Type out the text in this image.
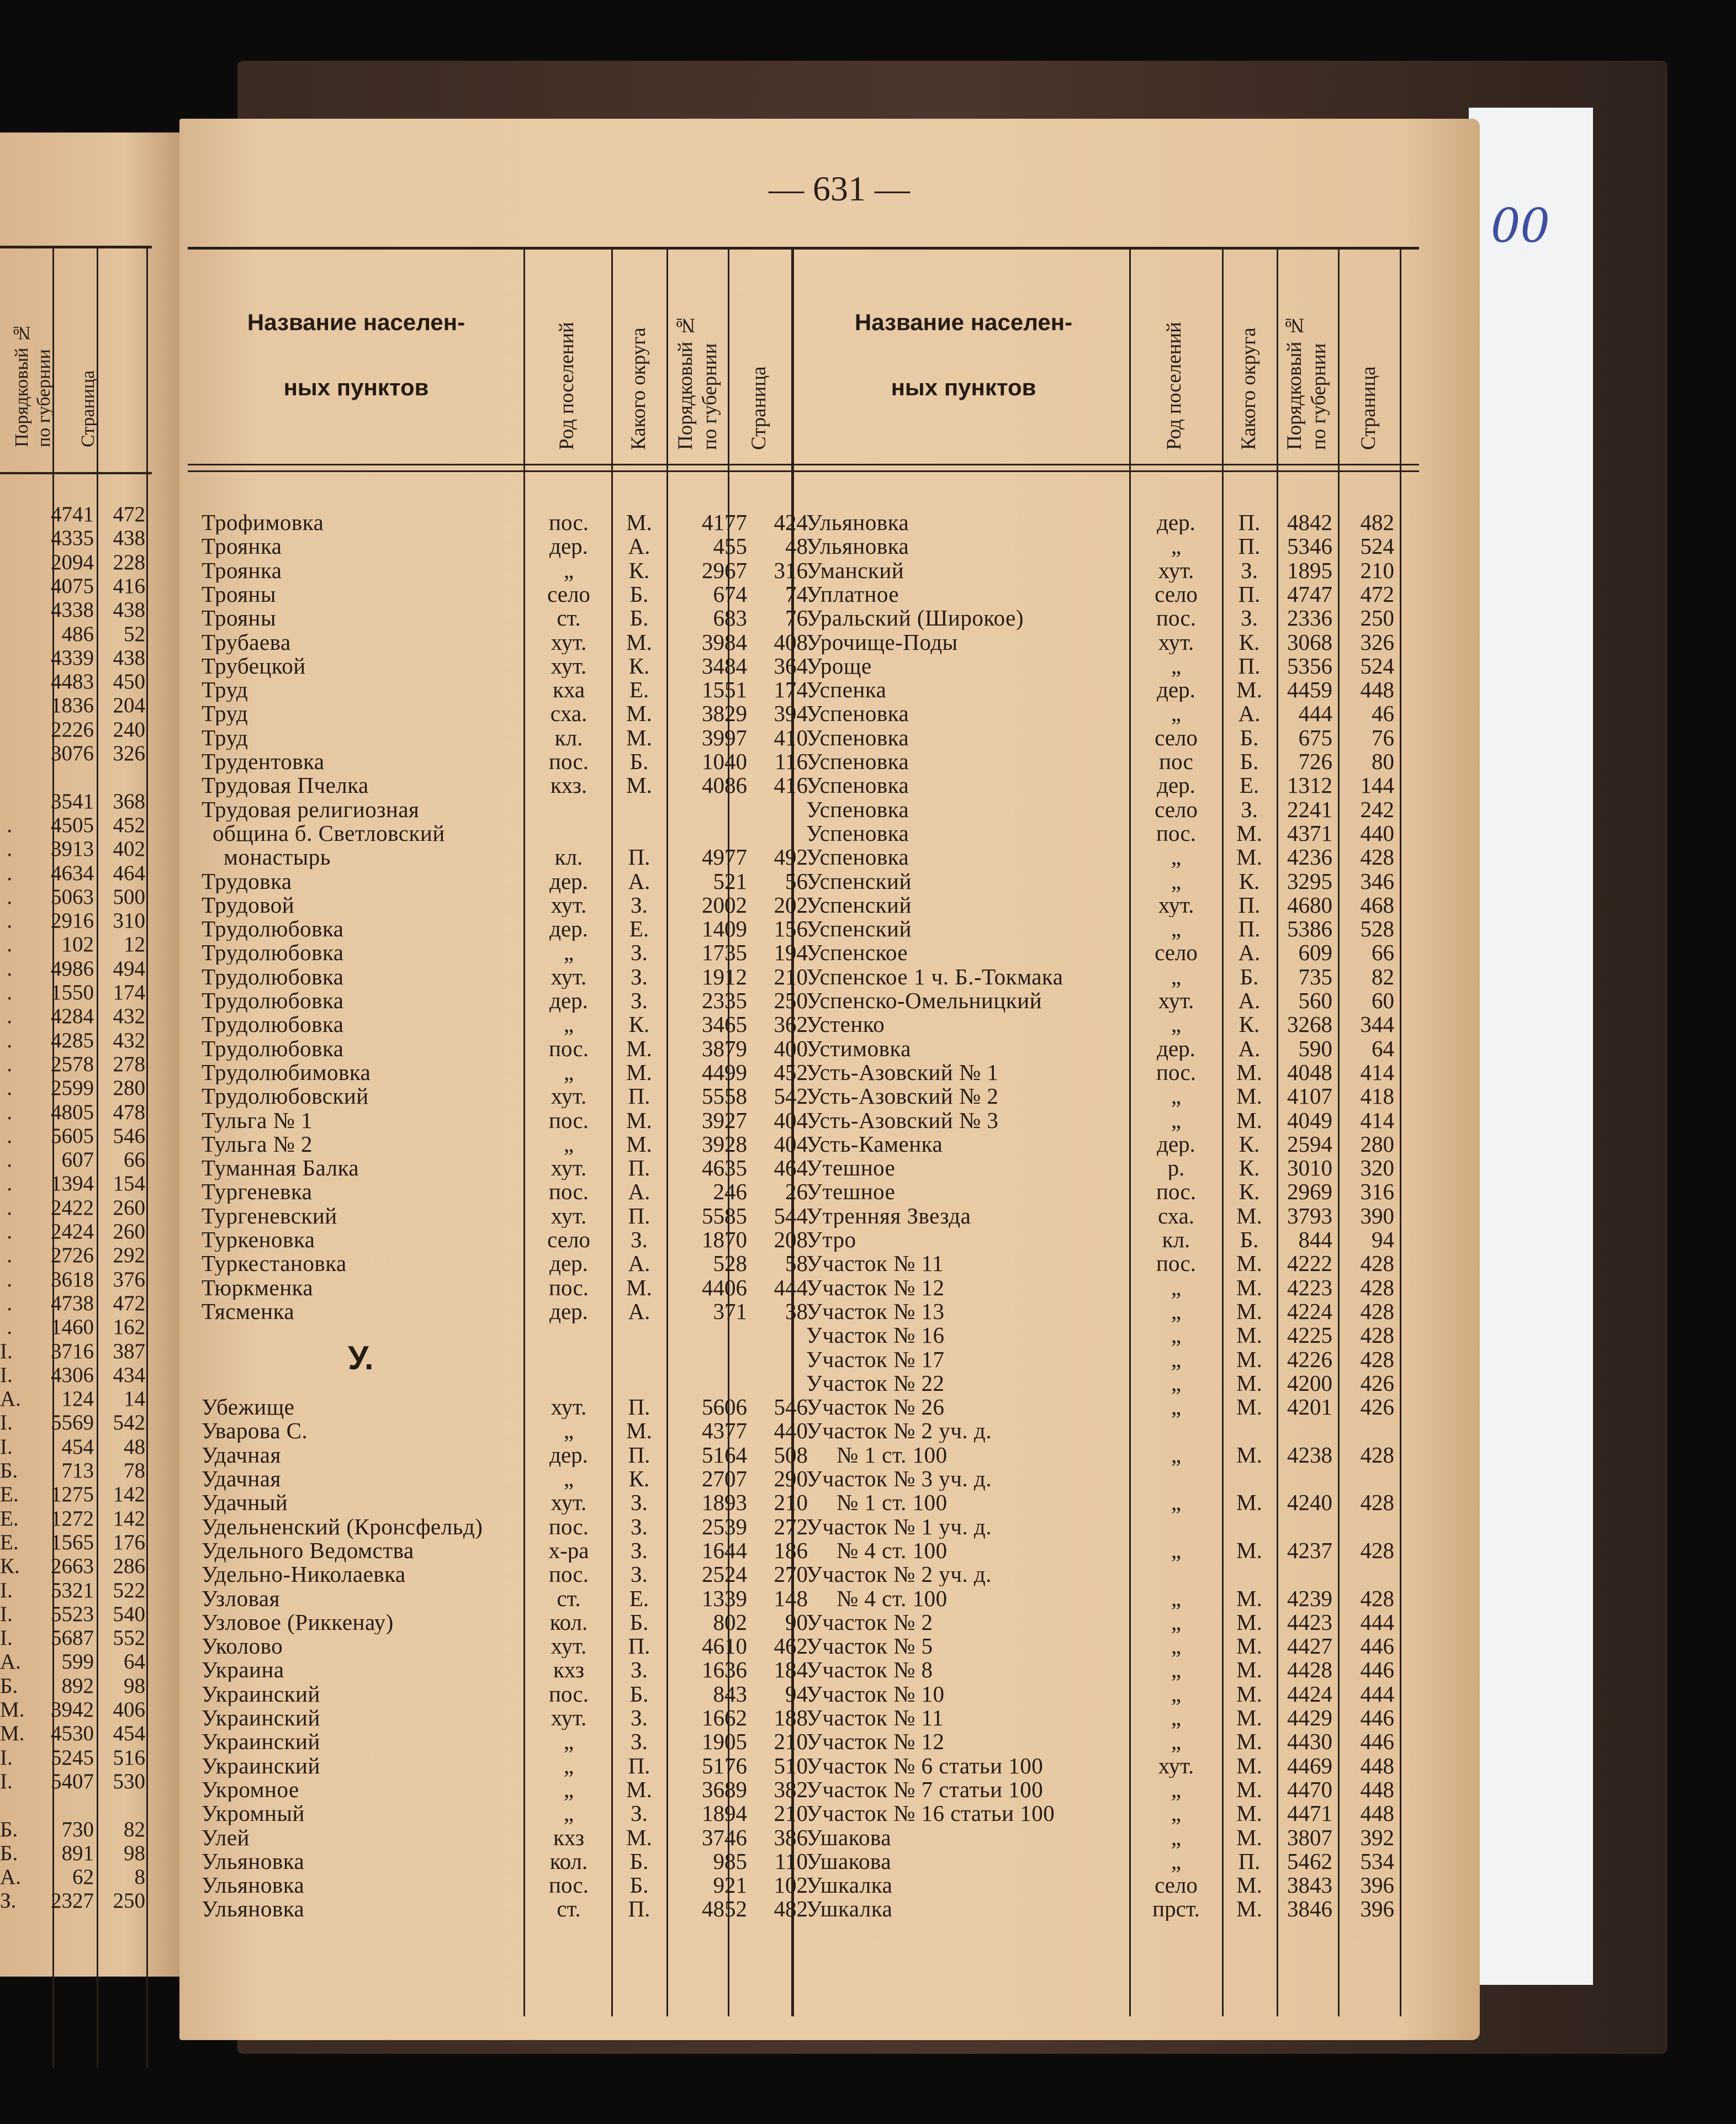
00
Порядковый №
по губернии Страница
4741 472
4335 438
2094 228
4075 416
4338 438
486	52
4339 438
4483 450
1836 204
2226 240
3076 326
3541 368
.	4505 452
.	3913 402
.	4634 464
.	5063 500
.	2916 310
.	102	12
.	4986 494
.	1550 174
.	4284 432
.	4285 432
.	2578 278
.	2599 280
.	4805 478
.	5605 546
.	607	66
.	1394 154
.	2422 260
.	2424 260
.	2726 292
.	3618 376
.	4738 472
.	1460 162
I.	3716 387
I.	4306 434
A.	124	14
I.	5569 542
I.	454	48
Б.	713	78
Е.	1275 142
Е.	1272 142
Е.	1565 176
К.	2663 286
I.	5321 522
I.	5523 540
I.	5687 552
A.	599	64
Б.	892	98
М.	3942 406
М.	4530 454
I.	5245 516
I.	5407 530
Б.	730	82
Б.	891	98
A.	62	8
З.	2327 250
— 631 —
Название населен-
ных пунктов	Род поселений Какого округа Порядковый №
по губернии Страница
Название населен-
ных пунктов	Род поселений	Какого округа Порядковый №
по губернии Страница
У.
Трофимовка	пос.	М.	4177	424
Троянка	дер.	А.	455	48
Троянка	„	К.	2967	316
Трояны	село	Б.	674	74
Трояны	ст.	Б.	683	76
Трубаева	хут.	М.	3984	408
Трубецкой	хут.	К.	3484	364
Труд	кха	Е.	1551	174
Труд	cха.	М.	3829	394
Труд	кл.	М.	3997	410
Трудентовка	пос.	Б.	1040	116
Трудовая Пчелка	кхз.	М.	4086	416
Трудовая религиозная
община б. Светловский
монастырь	кл.	П.	4977	492
Трудовка	дер.	А.	521	56
Трудовой	хут.	З.	2002	202
Трудолюбовка	дер.	Е.	1409	156
Трудолюбовка	„	З.	1735	194
Трудолюбовка	хут.	З.	1912	210
Трудолюбовка	дер.	З.	2335	250
Трудолюбовка	„	К.	3465	362
Трудолюбовка	пос.	М.	3879	400
Трудолюбимовка	„	М.	4499	452
Трудолюбовский	хут.	П.	5558	542
Тульга № 1	пос.	М.	3927	404
Тульга № 2	„	М.	3928	404
Туманная Балка	хут.	П.	4635	464
Тургеневка	пос.	А.	246	26
Тургеневский	хут.	П.	5585	544
Туркеновка	село	З.	1870	208
Туркестановка	дер.	А.	528	58
Тюркменка	пос.	М.	4406	444
Тясменка	дер.	А.	371	38
Убежище	хут.	П.	5606	546
Уварова С.	„	М.	4377	440
Удачная	дер.	П.	5164	508
Удачная	„	К.	2707	290
Удачный	хут.	З.	1893	210
Удельненский (Кронсфельд)	пос.	З.	2539	272
Удельного Ведомства	х-ра	З.	1644	186
Удельно-Николаевка	пос.	З.	2524	270
Узловая	ст.	Е.	1339	148
Узловое (Риккенау)	кол.	Б.	802	90
Уколово	хут.	П.	4610	462
Украина	кхз	З.	1636	184
Украинский	пос.	Б.	843	94
Украинский	хут.	З.	1662	188
Украинский	„	З.	1905	210
Украинский	„	П.	5176	510
Укромное	„	М.	3689	382
Укромный	„	З.	1894	210
Улей	кхз	М.	3746	386
Ульяновка	кол.	Б.	985	110
Ульяновка	пос.	Б.	921	102
Ульяновка	ст.	П.	4852	482
Ульяновка	дер.	П.	4842	482
Ульяновка	„	П.	5346	524
Уманский	хут.	З.	1895	210
Уплатное	село	П.	4747	472
Уральский (Широкое)	пос.	З.	2336	250
Урочище-Поды	хут.	К.	3068	326
Урощe	„	П.	5356	524
Успенка	дер.	М.	4459	448
Успеновка	„	А.	444	46
Успеновка	село	Б.	675	76
Успеновка	пос	Б.	726	80
Успеновка	дер.	Е.	1312	144
Успеновка	село	З.	2241	242
Успеновка	пос.	М.	4371	440
Успеновка	„	М.	4236	428
Успенский	„	К.	3295	346
Успенский	хут.	П.	4680	468
Успенский	„	П.	5386	528
Успенское	село	А.	609	66
Успенское 1 ч. Б.-Токмака	„	Б.	735	82
Успенско-Омельницкий	хут.	А.	560	60
Устенко	„	К.	3268	344
Устимовка	дер.	А.	590	64
Усть-Азовский № 1	пос.	М.	4048	414
Усть-Азовский № 2	„	М.	4107	418
Усть-Азовский № 3	„	М.	4049	414
Усть-Каменка	дер.	К.	2594	280
Утешное	р.	К.	3010	320
Утешное	пос.	К.	2969	316
Утренняя Звезда	сха.	М.	3793	390
Утро	кл.	Б.	844	94
Участок № 11	пос.	М.	4222	428
Участок № 12	„	М.	4223	428
Участок № 13	„	М.	4224	428
Участок № 16	„	М.	4225	428
Участок № 17	„	М.	4226	428
Участок № 22	„	М.	4200	426
Участок № 26	„	М.	4201	426
Участок № 2 уч. д.
№ 1 ст. 100	„	М.	4238	428
Участок № 3 уч. д.
№ 1 ст. 100	„	М.	4240	428
Участок № 1 уч. д.
№ 4 ст. 100	„	М.	4237	428
Участок № 2 уч. д.
№ 4 ст. 100	„	М.	4239	428
Участок № 2	„	М.	4423	444
Участок № 5	„	М.	4427	446
Участок № 8	„	М.	4428	446
Участок № 10	„	М.	4424	444
Участок № 11	„	М.	4429	446
Участок № 12	„	М.	4430	446
Участок № 6 статьи 100	хут.	М.	4469	448
Участок № 7 статьи 100	„	М.	4470	448
Участок № 16 статьи 100	„	М.	4471	448
Ушакова	„	М.	3807	392
Ушакова	„	П.	5462	534
Ушкалка	село	М.	3843	396
Ушкалка	прст.	М.	3846	396
